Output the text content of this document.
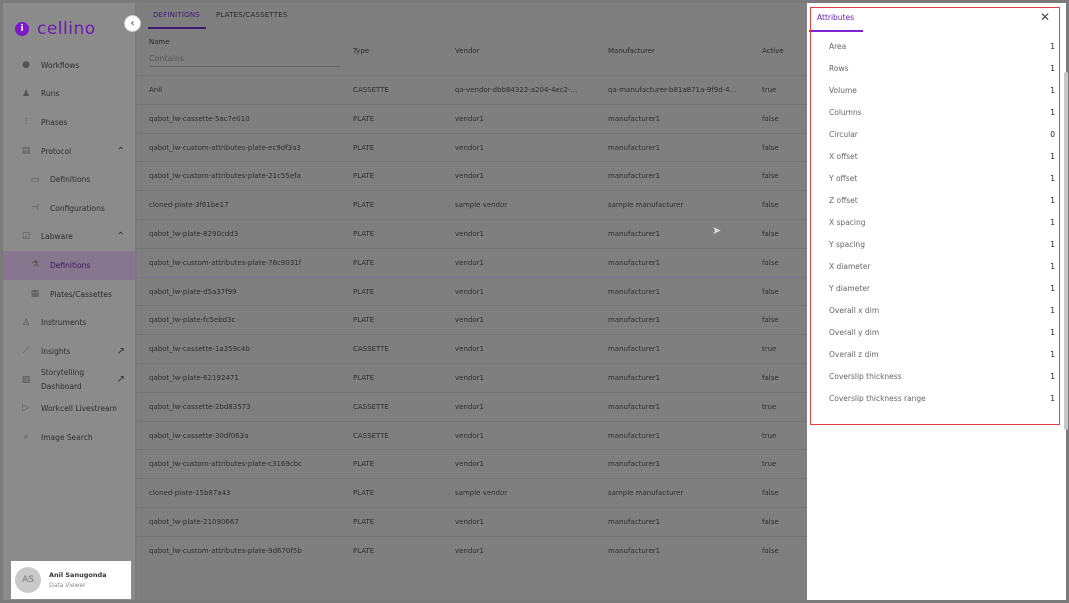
i cellino
● Workflows
♟ Runs
⁝	Phases
▤ Protocol	⌃
▭ Definitions
⊣ Configurations
☑ Labware	⌃
⚗ Definitions
▦ Plates/Cassettes
♙ Instruments
⟋	Insights	↗
▨
Storytelling Dashboard
↗
▷	Workcell Livestream
⌕	Image Search
AS	Anil Sanugonda
Data Viewer
‹
DEFINITIONS PLATES/CASSETTES
Name
Contains
Type	Vendor	Manufacturer	Active
Anil	CASSETTE	qa-vendor-dbb84322-a204-4ec2-...	qa-manufacturer-b81a871a-9f9d-4...	true
qabot_lw-cassette-5ac7e010	PLATE	vendor1	manufacturer1	false
qabot_lw-custom-attributes-plate-ec9df3a3	PLATE	vendor1	manufacturer1	false
qabot_lw-custom-attributes-plate-21c55efa	PLATE	vendor1	manufacturer1	false
cloned-plate-3f61be17	PLATE	sample vendor	sample manufacturer	false
qabot_lw-plate-8290cdd3	PLATE	vendor1	manufacturer1	false
qabot_lw-custom-attributes-plate-76c9031f	PLATE	vendor1	manufacturer1	false
qabot_lw-plate-d5a37f99	PLATE	vendor1	manufacturer1	false
qabot_lw-plate-fc5ebd3c	PLATE	vendor1	manufacturer1	false
qabot_lw-cassette-1a359c4b	CASSETTE	vendor1	manufacturer1	true
qabot_lw-plate-62192471	PLATE	vendor1	manufacturer1	false
qabot_lw-cassette-2bd83573	CASSETTE	vendor1	manufacturer1	true
qabot_lw-cassette-30df063a	CASSETTE	vendor1	manufacturer1	true
qabot_lw-custom-attributes-plate-c3169cbc	PLATE	vendor1	manufacturer1	true
cloned-plate-15b87a43	PLATE	sample vendor	sample manufacturer	false
qabot_lw-plate-21090667	PLATE	vendor1	manufacturer1	false
qabot_lw-custom-attributes-plate-9d670f5b	PLATE	vendor1	manufacturer1	false
➤
Attributes	✕
Area	1
Rows	1
Volume	1
Columns	1
Circular	0
X offset	1
Y offset	1
Z offset	1
X spacing	1
Y spacing	1
X diameter	1
Y diameter	1
Overall x dim	1
Overall y dim	1
Overall z dim	1
Coverslip thickness	1
Coverslip thickness range	1
